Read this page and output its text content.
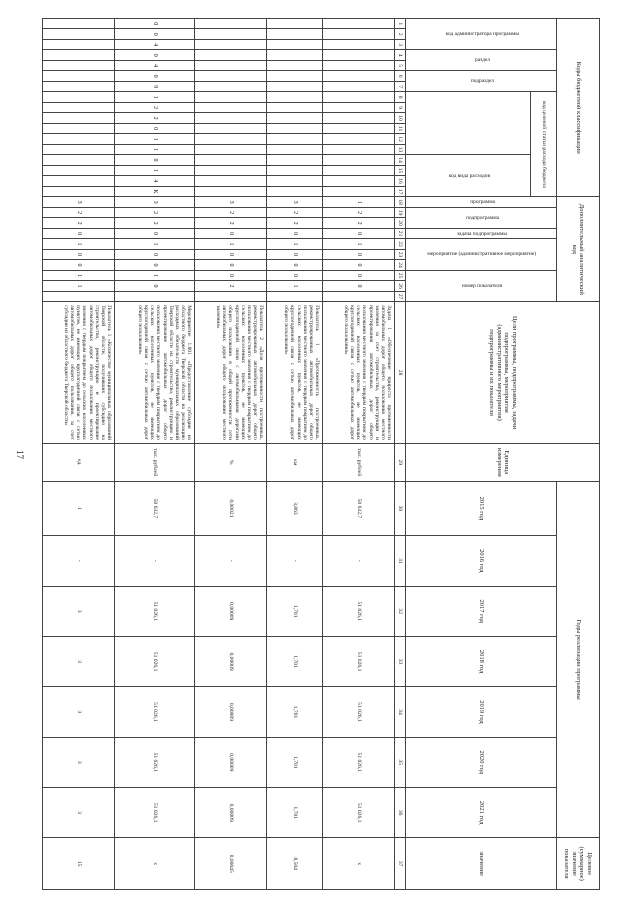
17
Коды бюджетной классификации																	Дополнительный аналитический код										Цели программы, подпрограммы, задачи подпрограммы, мероприятия (административного мероприятия) подпрограммы и их показатели	Единица измерения	Годы реализации программы							Целевое (суммарное) значение показателя
код администратора программы			раздел		подраздел		код целевой статьи расхода бюджета										программа	подпрограмма		задача подпрограммы	мероприятие (административное мероприятие)			номер показателя					2015 год	2016 год	2017 год	2018 год	2019 год	2020 год	2021 год	значение
													код вида расходов																							
1	2	3	4	5	6	7	8	9	10	11	12	13	14	15	16	17	18	19	20	21	22	23	24	25	26	27	28	29	30	31	32	33	34	35	36	37
																	1	2	2	0	1	0	0	0	0		Задача 1 «Обеспечение прироста протяженности автомобильных дорог общего пользования местного значения за счет строительства, реконструкции и проектирования автомобильных дорог общего пользования местного значения с твердым покрытием до сельских населенных пунктов, не имеющих круглогодичной связи с сетью автомобильных дорог общего пользования»	тыс. рублей	50 632,7	-	51 026,1	51 026,1	51 026,1	51 026,1	51 026,1	х
																	3	2	2	0	1	0	0	0	1		Показатель 1 «Протяженность построенных, реконструированных автомобильных дорог общего пользования местного значения с твердым покрытием до сельских населенных пунктов, не имеющих круглогодичной связи с сетью автомобильных дорог общего пользования»	км	3,863	-	1,701	1,701	1,701	1,701	1,701	8,504
																	3	2	2	0	1	0	0	0	2		Показатель 2 «Доля протяженности построенных, реконструированных автомобильных дорог общего пользования местного значения с твердым покрытием до сельских населенных пунктов, не имеющих круглогодичной связи с автомобильными дорогами общего пользования в общей протяженности сети автомобильных дорог общего пользования местного значения»	%	0,00021	-	0,00009	0,00009	0,00009	0,00009	0,00009	0,00045
0	0	4	0	4	0	9	1	2	2	0	1	1	0	1	4	К	3	2	2	0	1	0	0	1	0		Мероприятие 1.001 «Предоставление субсидии из областного бюджета Тверской области на реализацию расходных обязательств муниципальных образований Тверской области на строительство, реконструкцию и проектирование автомобильных дорог общего пользования местного значения с твердым покрытием до сельских населенных пунктов, не имеющих круглогодичной связи с сетью автомобильных дорог общего пользования»	тыс. рублей	50 632,7	-	51 026,1	51 026,1	51 026,1	51 026,1	51 026,1	х
																	3	2	2	0	1	0	0	1	1		Показатель 1 «Количество муниципальных образований Тверской области, получивших субсидию на строительство, реконструкцию и проектирование автомобильных дорог общего пользования местного значения с твердым покрытием до сельских населенных пунктов, не имеющих круглогодичной связи с сетью автомобильных дорог общего пользования, за счет субсидии из областного бюджета Тверской области»	ед.	1	-	3	3	3	3	3	15
